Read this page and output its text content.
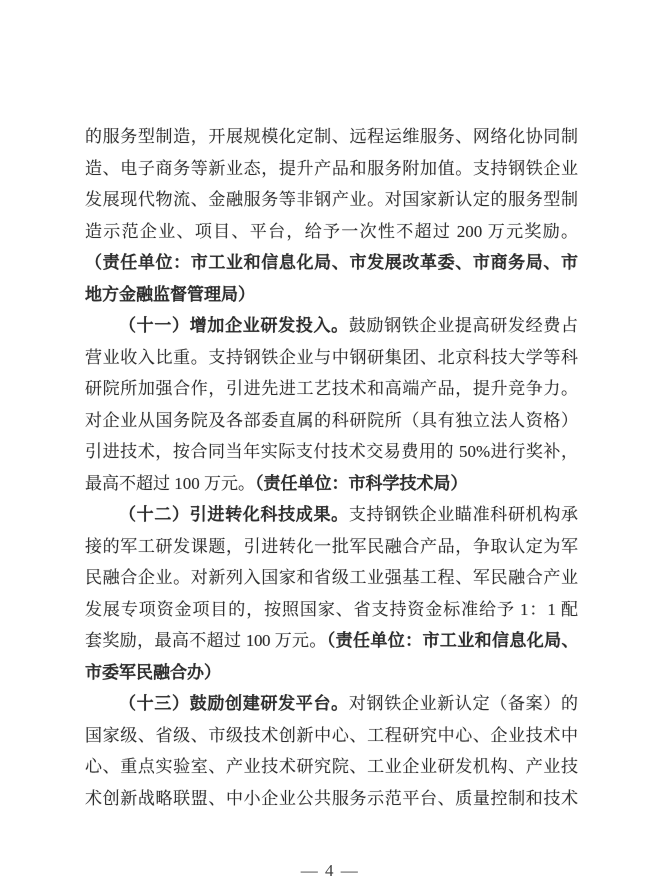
的服务型制造，开展规模化定制、远程运维服务、网络化协同制
造、电子商务等新业态，提升产品和服务附加值。支持钢铁企业
发展现代物流、金融服务等非钢产业。对国家新认定的服务型制
造示范企业、项目、平台，给予一次性不超过 200 万元奖励。
（责任单位：市工业和信息化局、市发展改革委、市商务局、市
地方金融监督管理局）
（十一）增加企业研发投入。鼓励钢铁企业提高研发经费占
营业收入比重。支持钢铁企业与中钢研集团、北京科技大学等科
研院所加强合作，引进先进工艺技术和高端产品，提升竞争力。
对企业从国务院及各部委直属的科研院所（具有独立法人资格）
引进技术，按合同当年实际支付技术交易费用的 50%进行奖补，
最高不超过 100 万元。（责任单位：市科学技术局）
（十二）引进转化科技成果。支持钢铁企业瞄准科研机构承
接的军工研发课题，引进转化一批军民融合产品，争取认定为军
民融合企业。对新列入国家和省级工业强基工程、军民融合产业
发展专项资金项目的，按照国家、省支持资金标准给予 1：1 配
套奖励，最高不超过 100 万元。（责任单位：市工业和信息化局、
市委军民融合办）
（十三）鼓励创建研发平台。对钢铁企业新认定（备案）的
国家级、省级、市级技术创新中心、工程研究中心、企业技术中
心、重点实验室、产业技术研究院、工业企业研发机构、产业技
术创新战略联盟、中小企业公共服务示范平台、质量控制和技术
— 4 —
